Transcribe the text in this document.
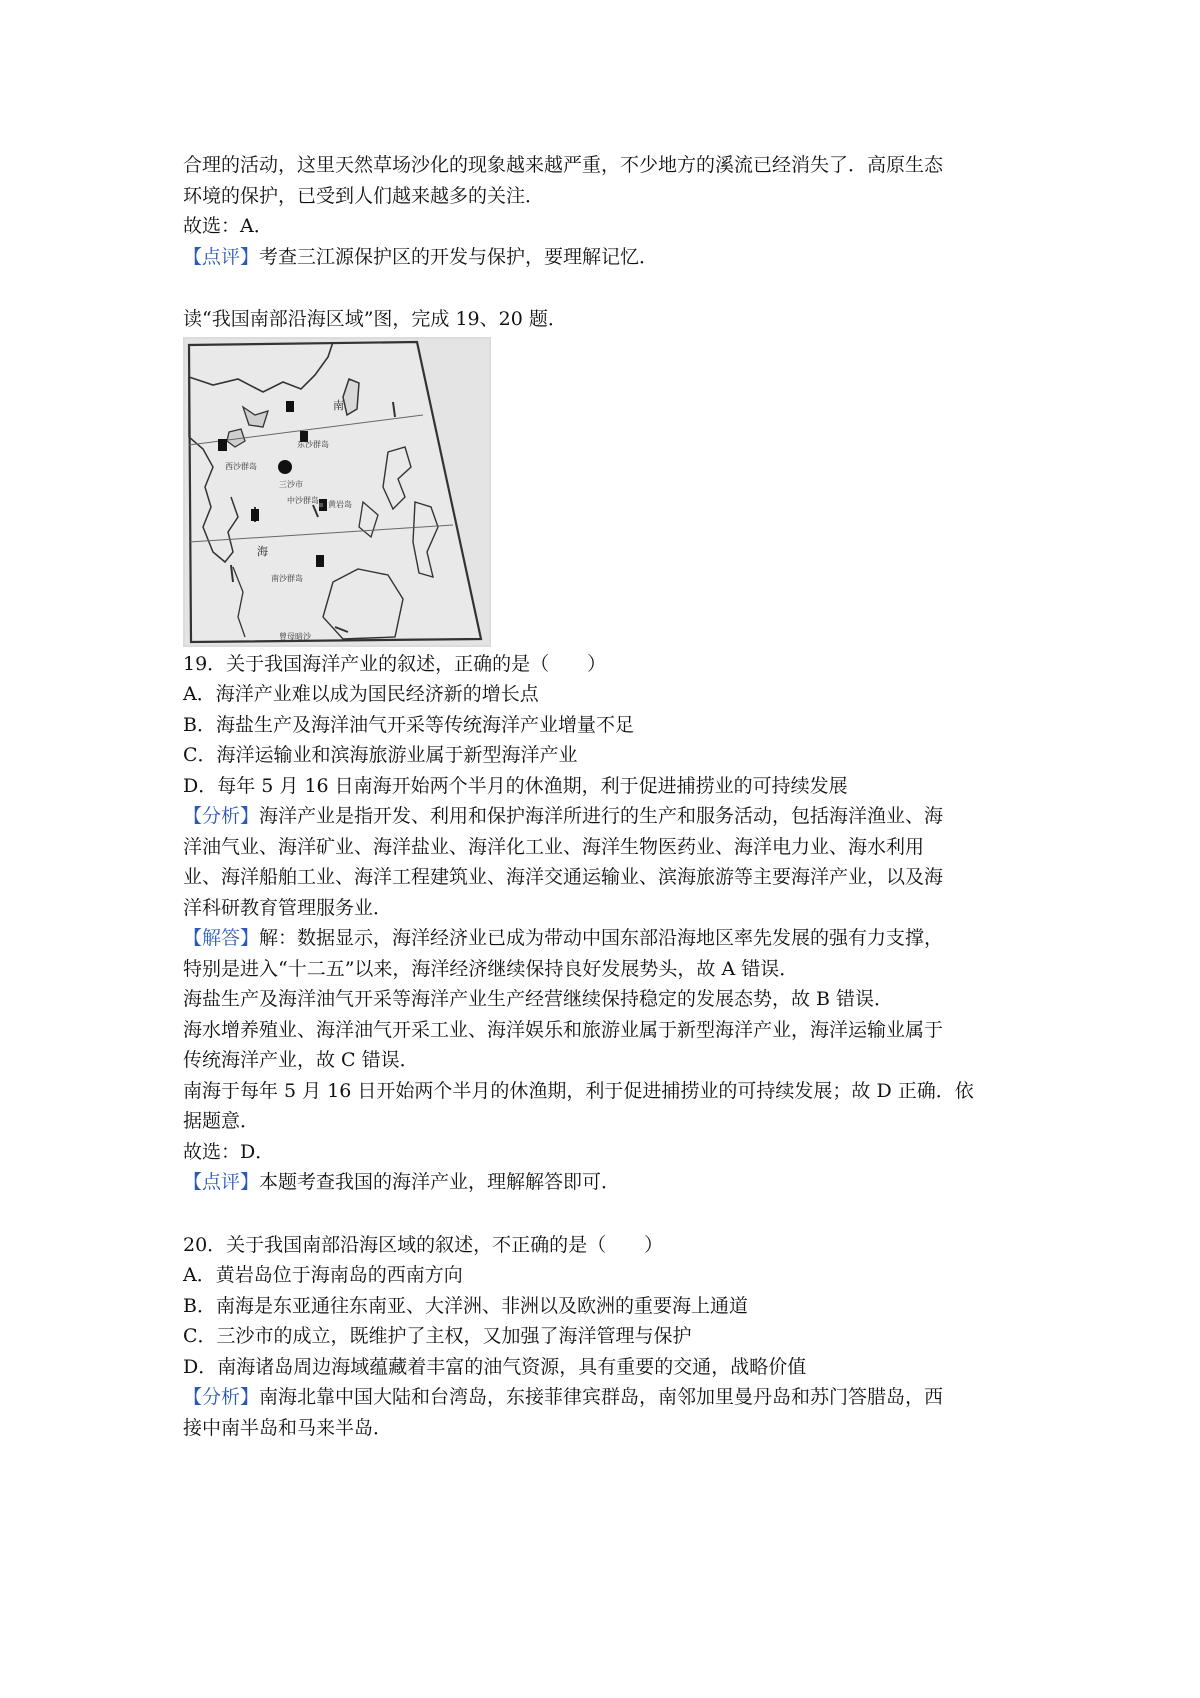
合理的活动，这里天然草场沙化的现象越来越严重，不少地方的溪流已经消失了．高原生态

环境的保护，已受到人们越来越多的关注．

故选：A．

【点评】考查三江源保护区的开发与保护，要理解记忆．

读“我国南部沿海区域”图，完成 19、20 题．

南
海
东沙群岛
西沙群岛
三沙市
中沙群岛 黄岩岛
南沙群岛
曾母暗沙

19．关于我国海洋产业的叙述，正确的是（　　）

A．海洋产业难以成为国民经济新的增长点

B．海盐生产及海洋油气开采等传统海洋产业增量不足

C．海洋运输业和滨海旅游业属于新型海洋产业

D．每年 5 月 16 日南海开始两个半月的休渔期，利于促进捕捞业的可持续发展

【分析】海洋产业是指开发、利用和保护海洋所进行的生产和服务活动，包括海洋渔业、海

洋油气业、海洋矿业、海洋盐业、海洋化工业、海洋生物医药业、海洋电力业、海水利用

业、海洋船舶工业、海洋工程建筑业、海洋交通运输业、滨海旅游等主要海洋产业，以及海

洋科研教育管理服务业．

【解答】解：数据显示，海洋经济业已成为带动中国东部沿海地区率先发展的强有力支撑，

特别是进入“十二五”以来，海洋经济继续保持良好发展势头，故 A 错误．

海盐生产及海洋油气开采等海洋产业生产经营继续保持稳定的发展态势，故 B 错误．

海水增养殖业、海洋油气开采工业、海洋娱乐和旅游业属于新型海洋产业，海洋运输业属于

传统海洋产业，故 C 错误．

南海于每年 5 月 16 日开始两个半月的休渔期，利于促进捕捞业的可持续发展；故 D 正确．依

据题意．

故选：D．

【点评】本题考查我国的海洋产业，理解解答即可．

20．关于我国南部沿海区域的叙述，不正确的是（　　）

A．黄岩岛位于海南岛的西南方向

B．南海是东亚通往东南亚、大洋洲、非洲以及欧洲的重要海上通道

C．三沙市的成立，既维护了主权，又加强了海洋管理与保护

D．南海诸岛周边海域蕴藏着丰富的油气资源，具有重要的交通，战略价值

【分析】南海北靠中国大陆和台湾岛，东接菲律宾群岛，南邻加里曼丹岛和苏门答腊岛，西

接中南半岛和马来半岛．
